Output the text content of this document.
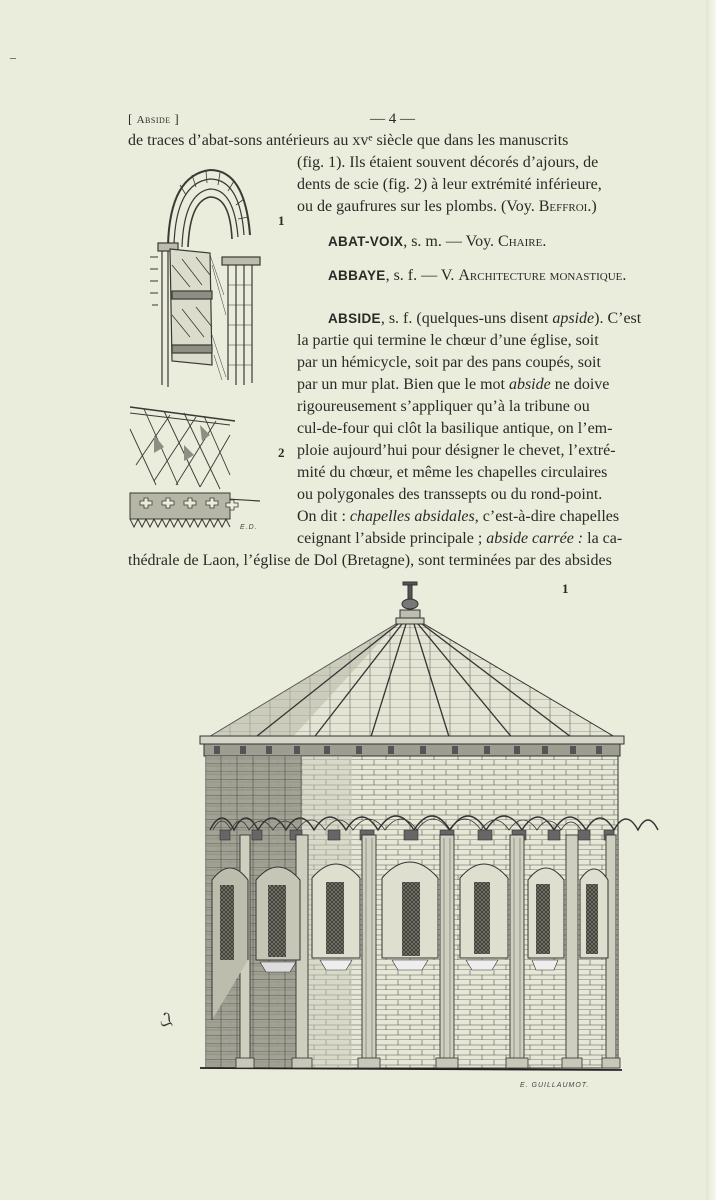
[ Abside ]	— 4 —
de traces d’abat-sons antérieurs au xvᵉ siècle que dans les manuscrits
(fig. 1). Ils étaient souvent décorés d’ajours, de
dents de scie (fig. 2) à leur extrémité inférieure,
ou de gaufrures sur les plombs. (Voy. Beffroi.)
ABAT-VOIX, s. m. — Voy. Chaire.
ABBAYE, s. f. — V. Architecture monastique.
ABSIDE, s. f. (quelques-uns disent apside). C’est
la partie qui termine le chœur d’une église, soit
par un hémicycle, soit par des pans coupés, soit
par un mur plat. Bien que le mot abside ne doive
rigoureusement s’appliquer qu’à la tribune ou
cul-de-four qui clôt la basilique antique, on l’em-
ploie aujourd’hui pour désigner le chevet, l’extré-
mité du chœur, et même les chapelles circulaires
ou polygonales des transsepts ou du rond-point.
On dit : chapelles absidales, c’est-à-dire chapelles
ceignant l’abside principale ; abside carrée : la ca-
thédrale de Laon, l’église de Dol (Bretagne), sont terminées par des absides
1
E.D.
2
1
ℒ
E. GUILLAUMOT.
